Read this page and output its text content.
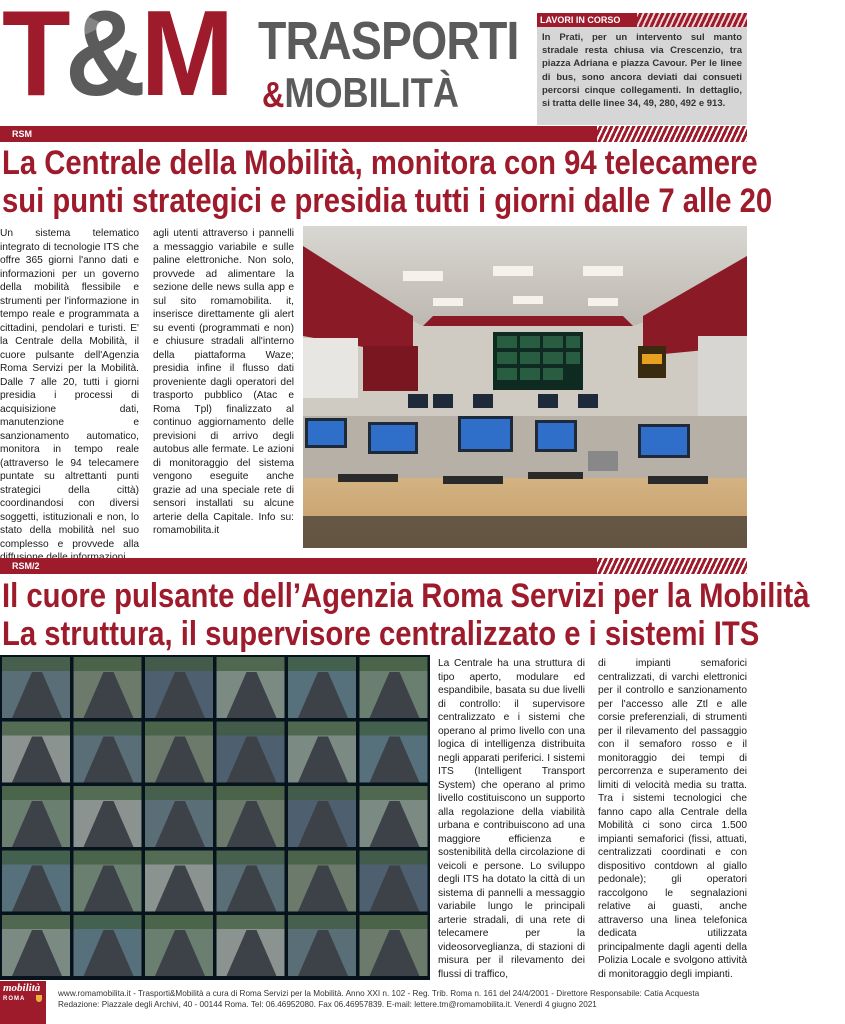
T&M TRASPORTI
&MOBILITÀ
LAVORI IN CORSO
In Prati, per un intervento sul manto stradale resta chiusa via Crescenzio, tra piazza Adriana e piazza Cavour. Per le linee di bus, sono ancora deviati dai consueti percorsi cinque collegamenti. In dettaglio, si tratta delle linee 34, 49, 280, 492 e 913.
RSM
La Centrale della Mobilità, monitora con 94 telecamere
sui punti strategici e presidia tutti i giorni dalle 7 alle 20
Un sistema telematico integrato di tecnologie ITS che offre 365 giorni l'anno dati e informazioni per un governo della mobilità flessibile e strumenti per l'informazione in tempo reale e programmata a cittadini, pendolari e turisti. E' la Centrale della Mobilità, il cuore pulsante dell'Agenzia Roma Servizi per la Mobilità. Dalle 7 alle 20, tutti i giorni presidia i processi di acquisizione dati, manutenzione e sanzionamento automatico, monitora in tempo reale (attraverso le 94 telecamere puntate su altrettanti punti strategici della città) coordinandosi con diversi soggetti, istituzionali e non, lo stato della mobilità nel suo complesso e provvede alla
agli utenti attraverso i pannelli a messaggio variabile e sulle paline elettroniche. Non solo, provvede ad alimentare la sezione delle news sulla app e sul sito romamobilita. it, inserisce direttamente gli alert su eventi (programmati e non) e chiusure stradali all'interno della piattaforma Waze; presidia infine il flusso dati proveniente dagli operatori del trasporto pubblico (Atac e Roma Tpl) finalizzato al continuo aggiornamento delle previsioni di arrivo degli autobus alle fermate. Le azioni di monitoraggio del sistema vengono eseguite anche grazie ad una speciale rete di sensori installati su alcune arterie della Capitale. Info su: romamobilita.it
RSM/2
Il cuore pulsante dell’Agenzia Roma Servizi per la Mobilità
La struttura, il supervisore centralizzato e i sistemi ITS
La Centrale ha una struttura di tipo aperto, modulare ed espandibile, basata su due livelli di controllo: il supervisore centralizzato e i sistemi che operano al primo livello con una logica di intelligenza distribuita negli apparati periferici. I sistemi ITS (Intelligent Transport System) che operano al primo livello costituiscono un supporto alla regolazione della viabilità urbana e contribuiscono ad una maggiore efficienza e sostenibilità della circolazione di veicoli e persone. Lo sviluppo degli ITS ha dotato la città di un sistema di pannelli a messaggio variabile lungo le principali arterie stradali, di una rete di telecamere per la videosorveglianza, di stazioni di misura per il rilevamento dei flussi di traffico,
di impianti semaforici centralizzati, di varchi elettronici per il controllo e sanzionamento per l'accesso alle Ztl e alle corsie preferenziali, di strumenti per il rilevamento del passaggio con il semaforo rosso e il monitoraggio dei tempi di percorrenza e superamento dei limiti di velocità media su tratta. Tra i sistemi tecnologici che fanno capo alla Centrale della Mobilità ci sono circa 1.500 impianti semaforici (fissi, attuati, centralizzati coordinati e con dispositivo contdown al giallo pedonale); gli operatori raccolgono le segnalazioni relative ai guasti, anche attraverso una linea telefonica dedicata utilizzata principalmente dagli agenti della Polizia Locale e svolgono attività di monitoraggio degli impianti.
mobilità
ROMA
www.romamobilita.it - Trasporti&Mobilità a cura di Roma Servizi per la Mobilità. Anno XXI n. 102 - Reg. Trib. Roma n. 161 del 24/4/2001 - Direttore Responsabile: Catia Acquesta
Redazione: Piazzale degli Archivi, 40 - 00144 Roma. Tel: 06.46952080. Fax 06.46957839. E-mail: lettere.tm@romamobilita.it. Venerdì 4 giugno 2021
